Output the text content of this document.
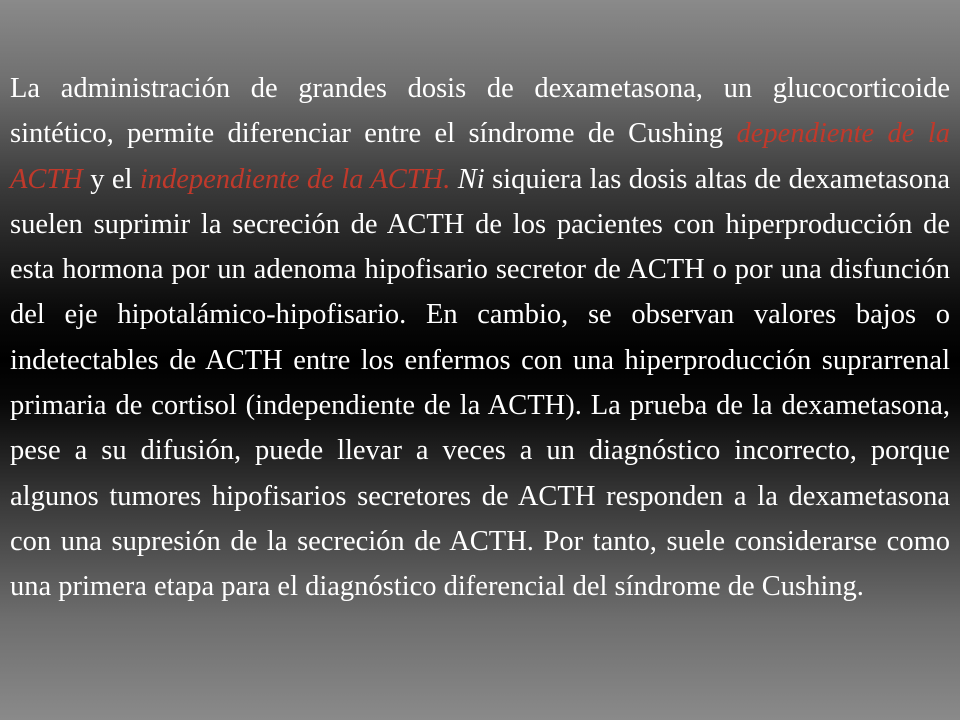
La administración de grandes dosis de dexametasona, un glucocorticoide sintético, permite diferenciar entre el síndrome de Cushing dependiente de la ACTH y el independiente de la ACTH. Ni siquiera las dosis altas de dexametasona suelen suprimir la secreción de ACTH de los pacientes con hiperproducción de esta hormona por un adenoma hipofisario secretor de ACTH o por una disfunción del eje hipotalámico-hipofisario. En cambio, se observan valores bajos o indetectables de ACTH entre los enfermos con una hiperproducción suprarrenal primaria de cortisol (independiente de la ACTH). La prueba de la dexametasona, pese a su difusión, puede llevar a veces a un diagnóstico incorrecto, porque algunos tumores hipofisarios secretores de ACTH responden a la dexametasona con una supresión de la secreción de ACTH. Por tanto, suele considerarse como una primera etapa para el diagnóstico diferencial del síndrome de Cushing.
